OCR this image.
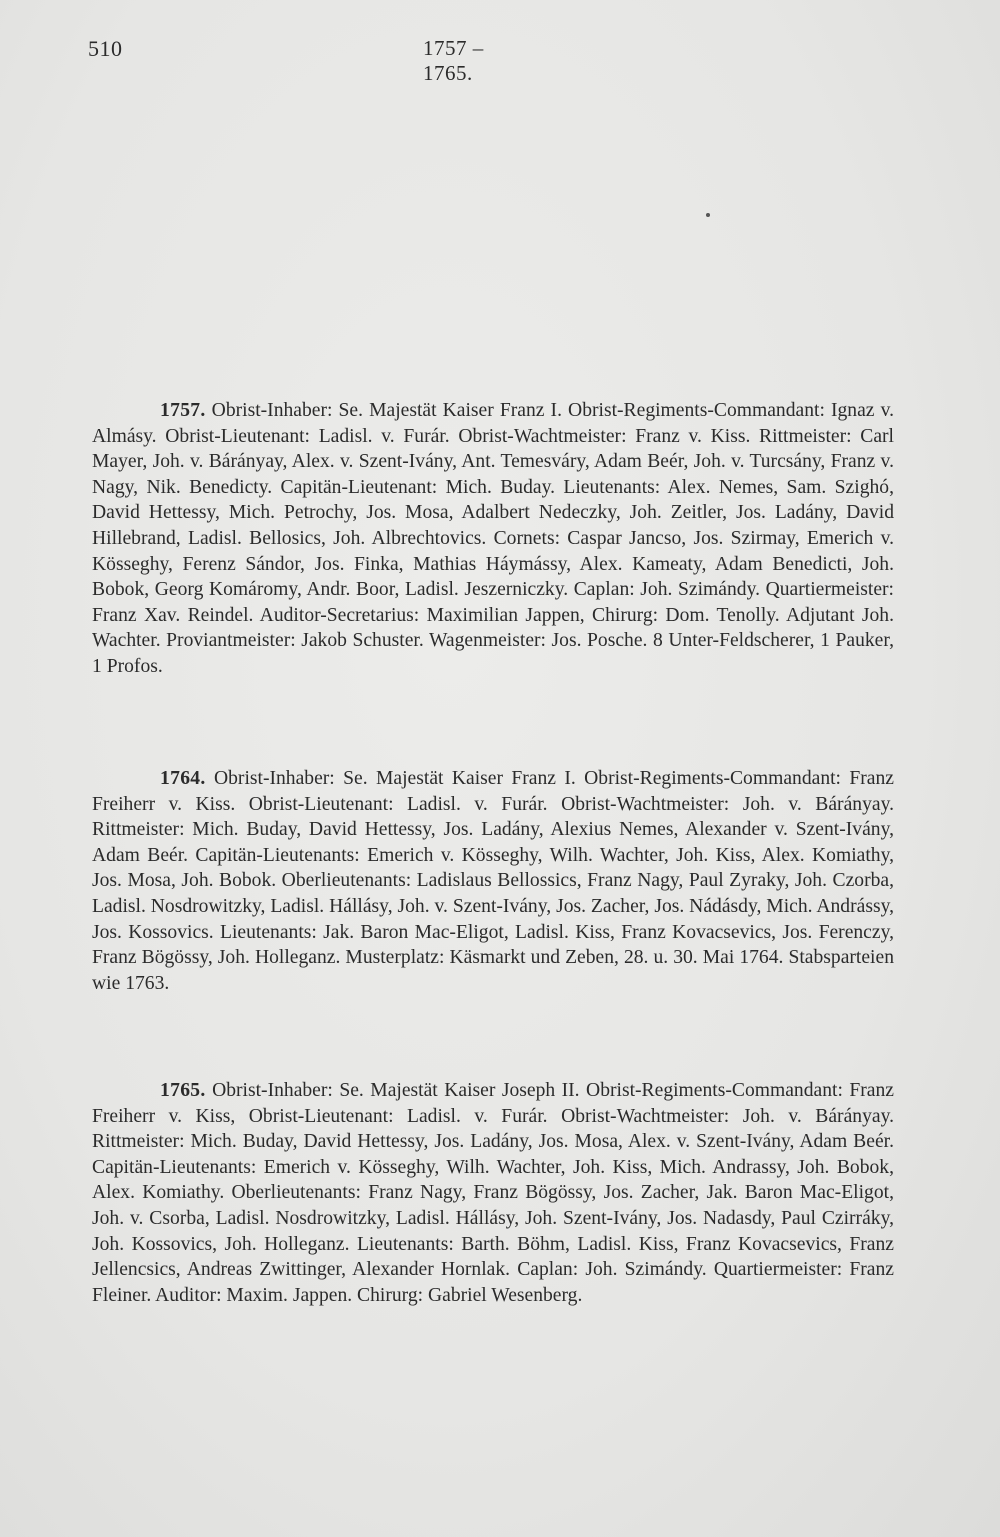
510	1757 – 1765.

1757. Obrist-Inhaber: Se. Majestät Kaiser Franz I. Obrist-Regiments-Commandant: Ignaz v. Almásy. Obrist-Lieutenant: Ladisl. v. Furár. Obrist-Wachtmeister: Franz v. Kiss. Rittmeister: Carl Mayer, Joh. v. Bárányay, Alex. v. Szent-Ivány, Ant. Temesváry, Adam Beér, Joh. v. Turcsány, Franz v. Nagy, Nik. Benedicty. Capitän-Lieutenant: Mich. Buday. Lieutenants: Alex. Nemes, Sam. Szighó, David Hettessy, Mich. Petrochy, Jos. Mosa, Adalbert Nedeczky, Joh. Zeitler, Jos. Ladány, David Hillebrand, Ladisl. Bellosics, Joh. Albrechtovics. Cornets: Caspar Jancso, Jos. Szirmay, Emerich v. Kösseghy, Ferenz Sándor, Jos. Finka, Mathias Háymássy, Alex. Kameaty, Adam Benedicti, Joh. Bobok, Georg Komáromy, Andr. Boor, Ladisl. Jeszerniczky. Caplan: Joh. Szimándy. Quartiermeister: Franz Xav. Reindel. Auditor-Secretarius: Maximilian Jappen, Chirurg: Dom. Tenolly. Adjutant Joh. Wachter. Proviantmeister: Jakob Schuster. Wagenmeister: Jos. Posche. 8 Unter-Feldscherer, 1 Pauker, 1 Profos.

1764. Obrist-Inhaber: Se. Majestät Kaiser Franz I. Obrist-Regiments-Commandant: Franz Freiherr v. Kiss. Obrist-Lieutenant: Ladisl. v. Furár. Obrist-Wachtmeister: Joh. v. Bárányay. Rittmeister: Mich. Buday, David Hettessy, Jos. Ladány, Alexius Nemes, Alexander v. Szent-Ivány, Adam Beér. Capitän-Lieutenants: Emerich v. Kösseghy, Wilh. Wachter, Joh. Kiss, Alex. Komiathy, Jos. Mosa, Joh. Bobok. Oberlieutenants: Ladislaus Bellossics, Franz Nagy, Paul Zyraky, Joh. Czorba, Ladisl. Nosdrowitzky, Ladisl. Hállásy, Joh. v. Szent-Ivány, Jos. Zacher, Jos. Nádásdy, Mich. Andrássy, Jos. Kossovics. Lieutenants: Jak. Baron Mac-Eligot, Ladisl. Kiss, Franz Kovacsevics, Jos. Ferenczy, Franz Bögössy, Joh. Holleganz. Musterplatz: Käsmarkt und Zeben, 28. u. 30. Mai 1764. Stabsparteien wie 1763.

1765. Obrist-Inhaber: Se. Majestät Kaiser Joseph II. Obrist-Regiments-Commandant: Franz Freiherr v. Kiss, Obrist-Lieutenant: Ladisl. v. Furár. Obrist-Wachtmeister: Joh. v. Bárányay. Rittmeister: Mich. Buday, David Hettessy, Jos. Ladány, Jos. Mosa, Alex. v. Szent-Ivány, Adam Beér. Capitän-Lieutenants: Emerich v. Kösseghy, Wilh. Wachter, Joh. Kiss, Mich. Andrassy, Joh. Bobok, Alex. Komiathy. Oberlieutenants: Franz Nagy, Franz Bögössy, Jos. Zacher, Jak. Baron Mac-Eligot, Joh. v. Csorba, Ladisl. Nosdrowitzky, Ladisl. Hállásy, Joh. Szent-Ivány, Jos. Nadasdy, Paul Czirráky, Joh. Kossovics, Joh. Holleganz. Lieutenants: Barth. Böhm, Ladisl. Kiss, Franz Kovacsevics, Franz Jellencsics, Andreas Zwittinger, Alexander Hornlak. Caplan: Joh. Szimándy. Quartiermeister: Franz Fleiner. Auditor: Maxim. Jappen. Chirurg: Gabriel Wesenberg.
